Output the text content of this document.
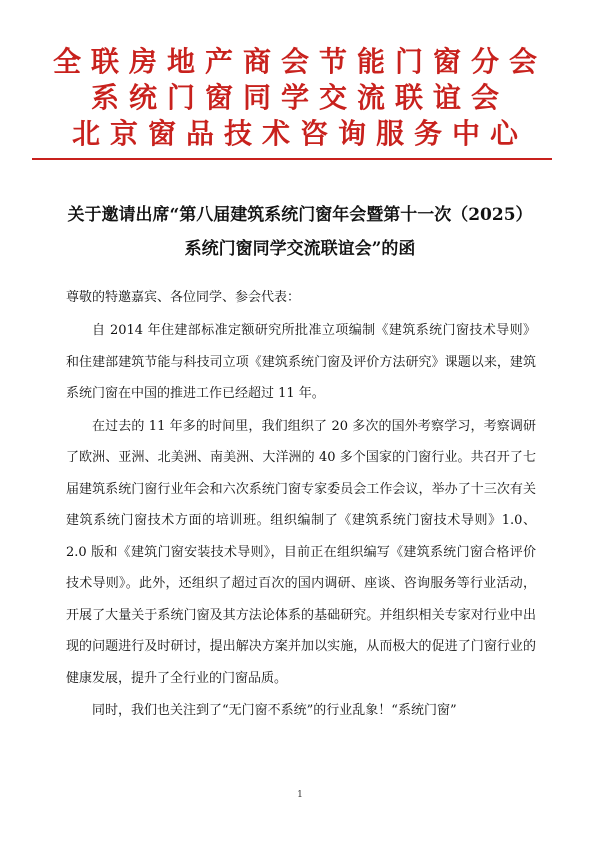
全联房地产商会节能门窗分会
系统门窗同学交流联谊会
北京窗品技术咨询服务中心
关于邀请出席“第八届建筑系统门窗年会暨第十一次（2025）
系统门窗同学交流联谊会”的函
尊敬的特邀嘉宾、各位同学、参会代表：

自 2014 年住建部标准定额研究所批准立项编制《建筑系统门窗技术导则》和住建部建筑节能与科技司立项《建筑系统门窗及评价方法研究》课题以来，建筑系统门窗在中国的推进工作已经超过 11 年。

在过去的 11 年多的时间里，我们组织了 20 多次的国外考察学习，考察调研了欧洲、亚洲、北美洲、南美洲、大洋洲的 40 多个国家的门窗行业。共召开了七届建筑系统门窗行业年会和六次系统门窗专家委员会工作会议，举办了十三次有关建筑系统门窗技术方面的培训班。组织编制了《建筑系统门窗技术导则》1.0、2.0 版和《建筑门窗安装技术导则》，目前正在组织编写《建筑系统门窗合格评价技术导则》。此外，还组织了超过百次的国内调研、座谈、咨询服务等行业活动，开展了大量关于系统门窗及其方法论体系的基础研究。并组织相关专家对行业中出现的问题进行及时研讨，提出解决方案并加以实施，从而极大的促进了门窗行业的健康发展，提升了全行业的门窗品质。

同时，我们也关注到了“无门窗不系统”的行业乱象！“系统门窗”

1
